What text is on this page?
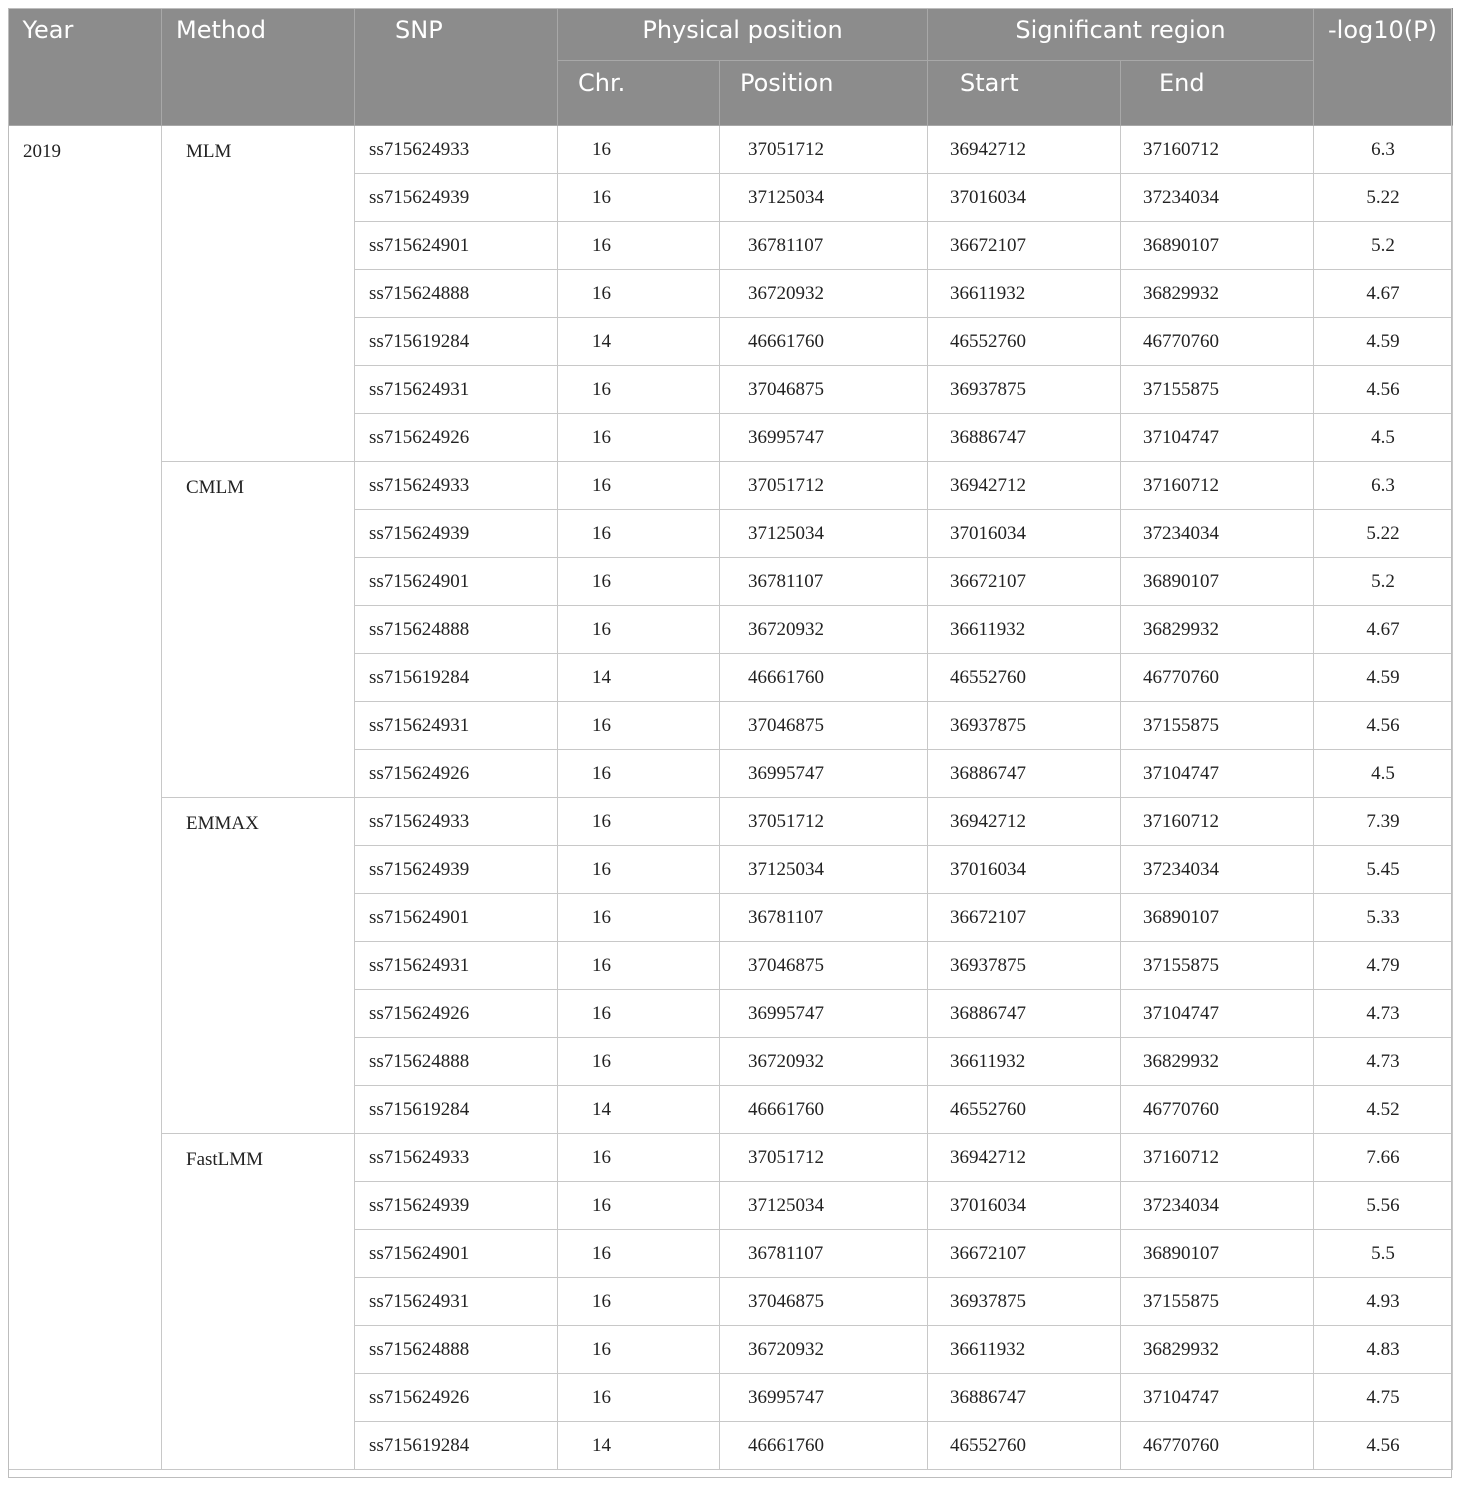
Year	Method	SNP	Physical position		Significant region		-log10(P)
			Chr.	Position	Start	End	
2019	MLM	ss715624933	16	37051712	36942712	37160712	6.3
		ss715624939	16	37125034	37016034	37234034	5.22
		ss715624901	16	36781107	36672107	36890107	5.2
		ss715624888	16	36720932	36611932	36829932	4.67
		ss715619284	14	46661760	46552760	46770760	4.59
		ss715624931	16	37046875	36937875	37155875	4.56
		ss715624926	16	36995747	36886747	37104747	4.5
	CMLM	ss715624933	16	37051712	36942712	37160712	6.3
		ss715624939	16	37125034	37016034	37234034	5.22
		ss715624901	16	36781107	36672107	36890107	5.2
		ss715624888	16	36720932	36611932	36829932	4.67
		ss715619284	14	46661760	46552760	46770760	4.59
		ss715624931	16	37046875	36937875	37155875	4.56
		ss715624926	16	36995747	36886747	37104747	4.5
	EMMAX	ss715624933	16	37051712	36942712	37160712	7.39
		ss715624939	16	37125034	37016034	37234034	5.45
		ss715624901	16	36781107	36672107	36890107	5.33
		ss715624931	16	37046875	36937875	37155875	4.79
		ss715624926	16	36995747	36886747	37104747	4.73
		ss715624888	16	36720932	36611932	36829932	4.73
		ss715619284	14	46661760	46552760	46770760	4.52
	FastLMM	ss715624933	16	37051712	36942712	37160712	7.66
		ss715624939	16	37125034	37016034	37234034	5.56
		ss715624901	16	36781107	36672107	36890107	5.5
		ss715624931	16	37046875	36937875	37155875	4.93
		ss715624888	16	36720932	36611932	36829932	4.83
		ss715624926	16	36995747	36886747	37104747	4.75
		ss715619284	14	46661760	46552760	46770760	4.56
